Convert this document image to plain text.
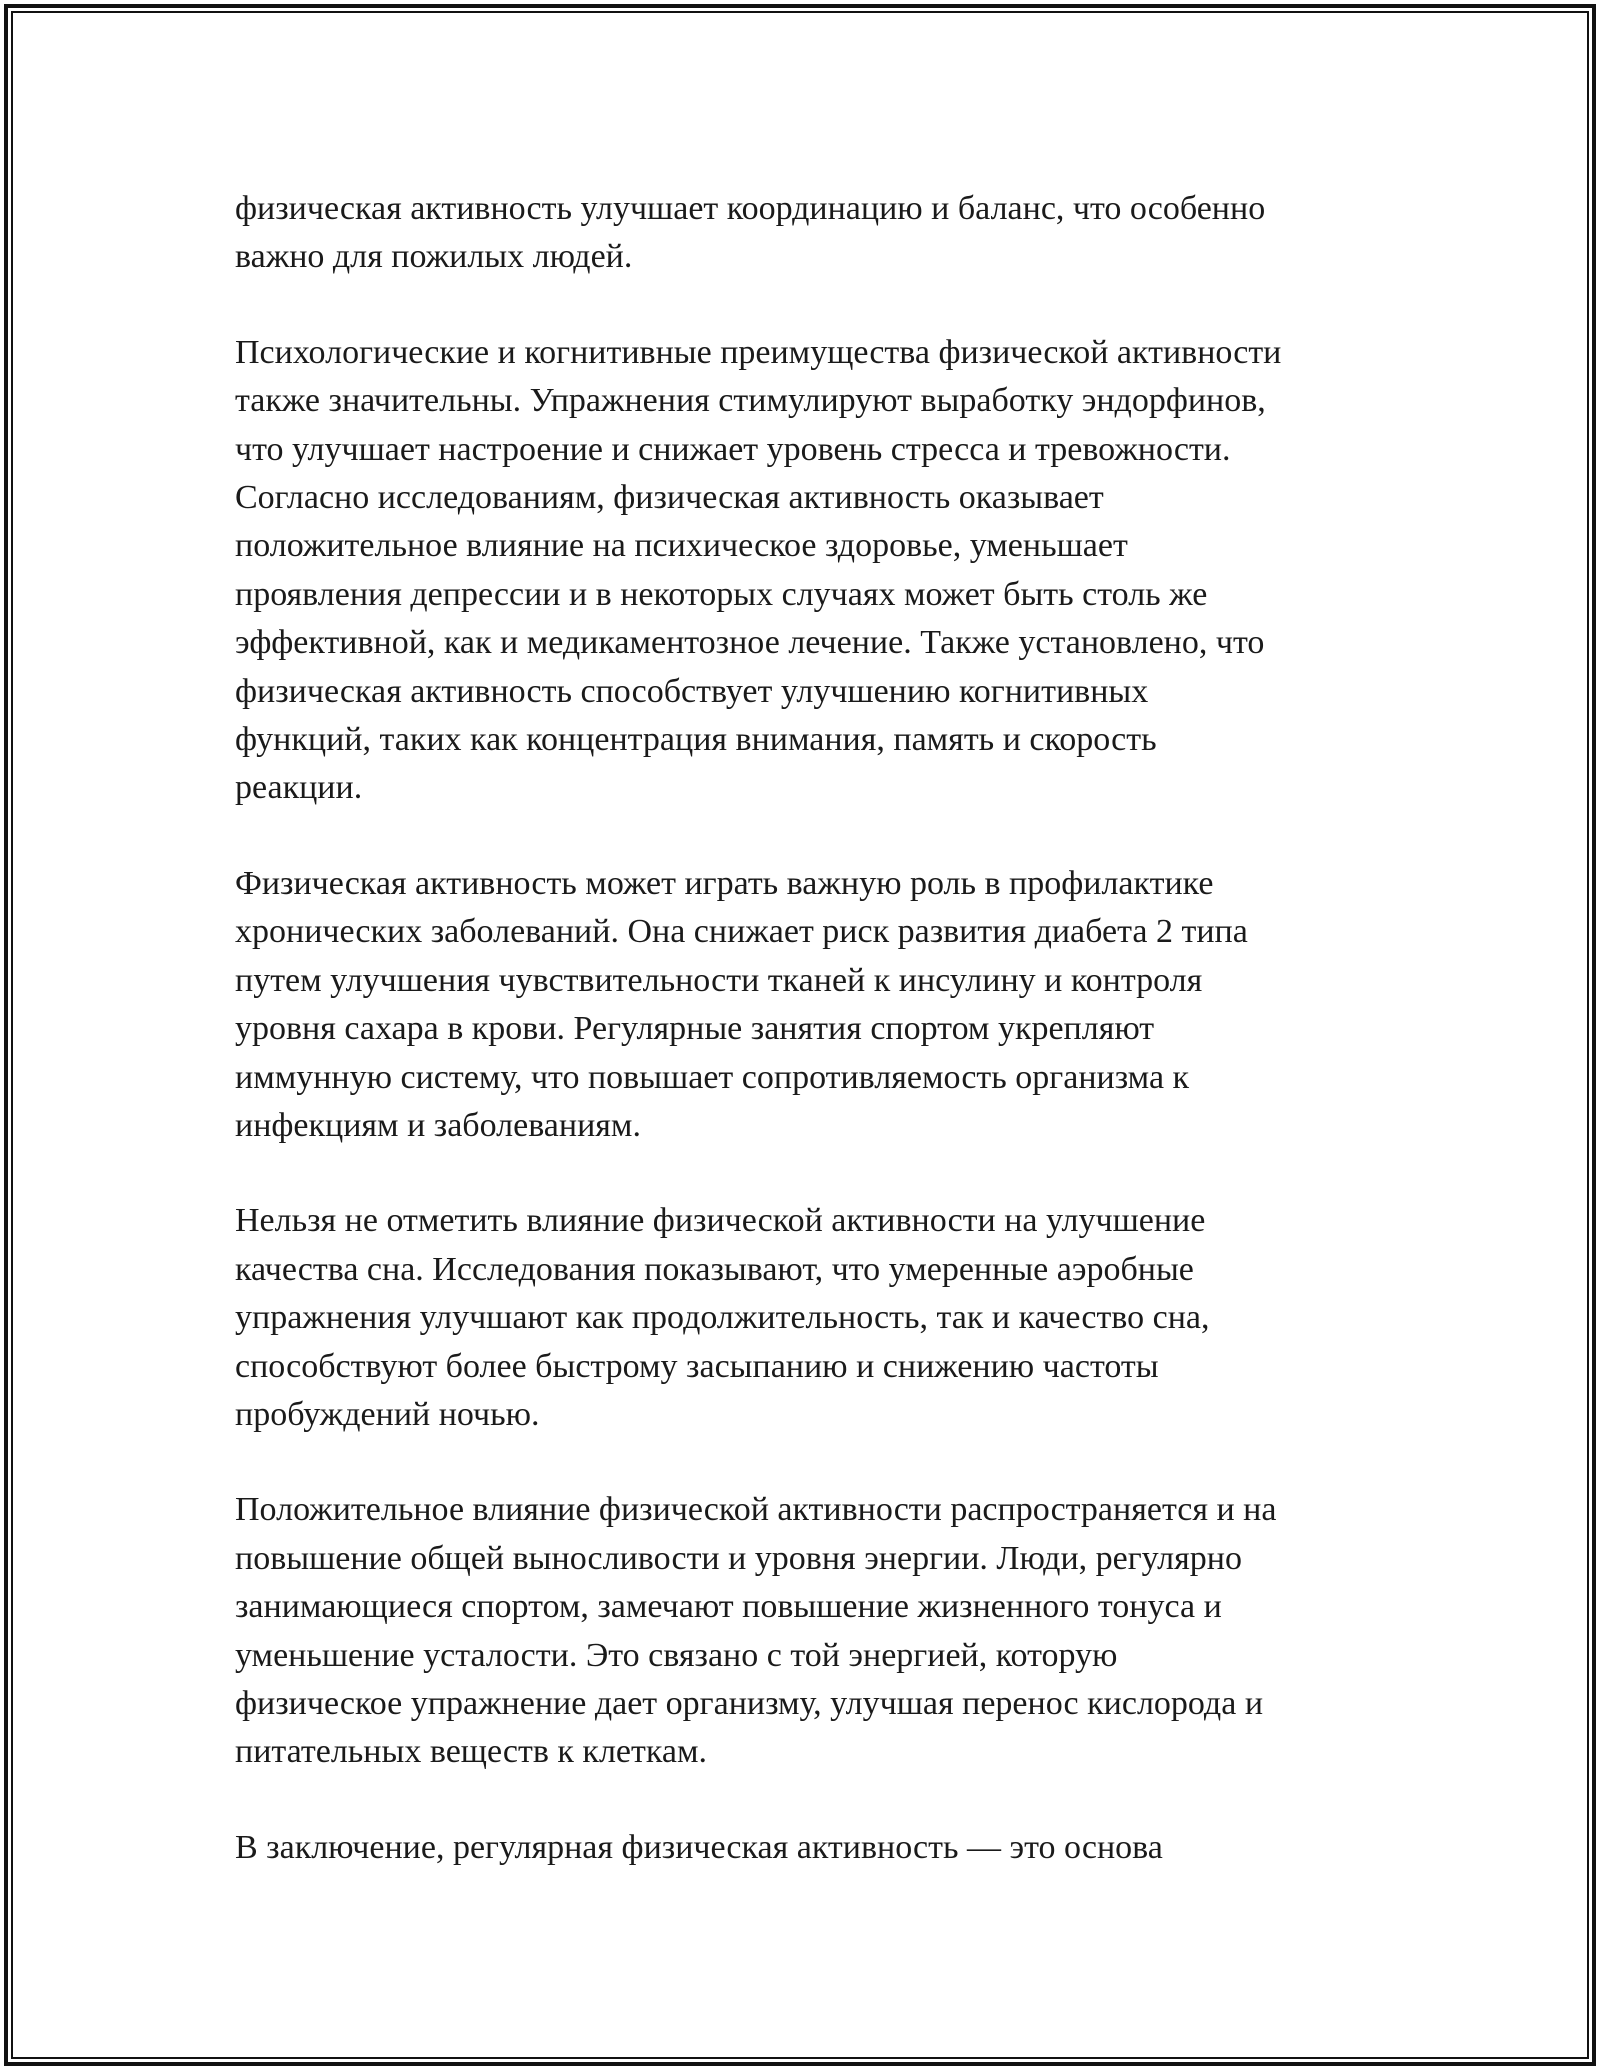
физическая активность улучшает координацию и баланс, что особенно
важно для пожилых людей.

Психологические и когнитивные преимущества физической активности
также значительны. Упражнения стимулируют выработку эндорфинов,
что улучшает настроение и снижает уровень стресса и тревожности.
Согласно исследованиям, физическая активность оказывает
положительное влияние на психическое здоровье, уменьшает
проявления депрессии и в некоторых случаях может быть столь же
эффективной, как и медикаментозное лечение. Также установлено, что
физическая активность способствует улучшению когнитивных
функций, таких как концентрация внимания, память и скорость
реакции.

Физическая активность может играть важную роль в профилактике
хронических заболеваний. Она снижает риск развития диабета 2 типа
путем улучшения чувствительности тканей к инсулину и контроля
уровня сахара в крови. Регулярные занятия спортом укрепляют
иммунную систему, что повышает сопротивляемость организма к
инфекциям и заболеваниям.

Нельзя не отметить влияние физической активности на улучшение
качества сна. Исследования показывают, что умеренные аэробные
упражнения улучшают как продолжительность, так и качество сна,
способствуют более быстрому засыпанию и снижению частоты
пробуждений ночью.

Положительное влияние физической активности распространяется и на
повышение общей выносливости и уровня энергии. Люди, регулярно
занимающиеся спортом, замечают повышение жизненного тонуса и
уменьшение усталости. Это связано с той энергией, которую
физическое упражнение дает организму, улучшая перенос кислорода и
питательных веществ к клеткам.

В заключение, регулярная физическая активность — это основа
